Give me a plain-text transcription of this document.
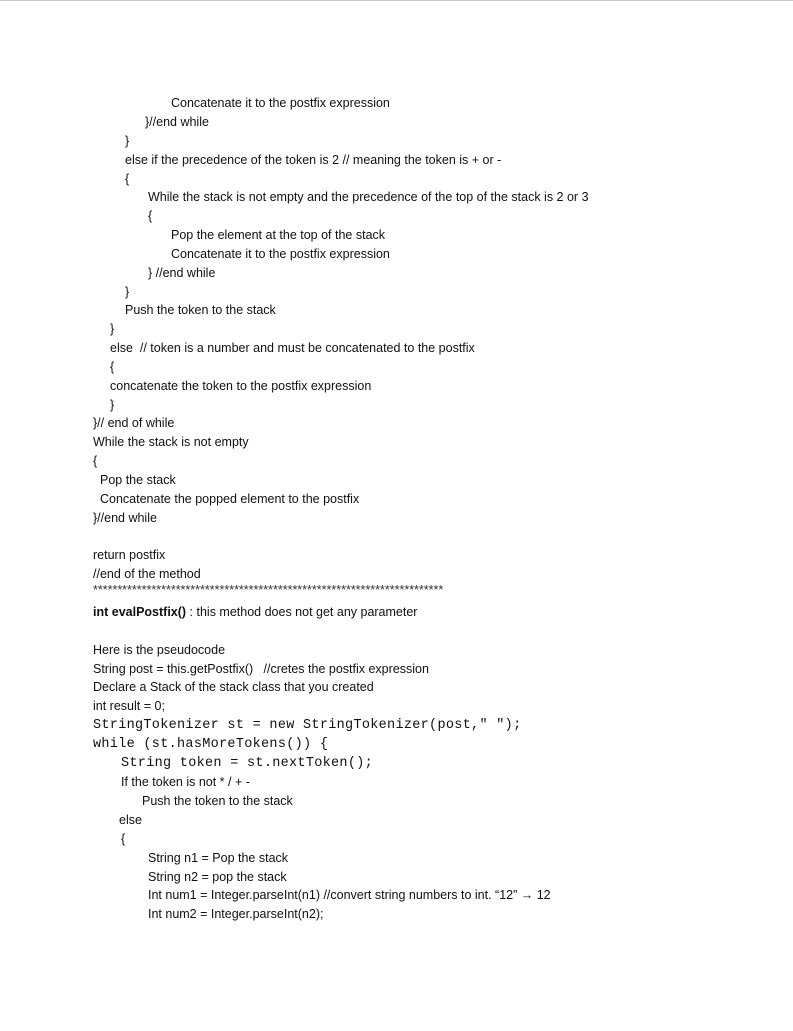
Concatenate it to the postfix expression
}//end while
}
else if the precedence of the token is 2 // meaning the token is + or -
{
While the stack is not empty and the precedence of the top of the stack is 2 or 3
{
Pop the element at the top of the stack
Concatenate it to the postfix expression
} //end while
}
Push the token to the stack
}
else  // token is a number and must be concatenated to the postfix
{
concatenate the token to the postfix expression
}
}// end of while
While the stack is not empty
{
Pop the stack
Concatenate the popped element to the postfix
}//end while
return postfix
//end of the method
************************************************************************
int evalPostfix() : this method does not get any parameter
Here is the pseudocode
String post = this.getPostfix()   //cretes the postfix expression
Declare a Stack of the stack class that you created
int result = 0;
StringTokenizer st = new StringTokenizer(post," ");
while (st.hasMoreTokens()) {
String token = st.nextToken();
If the token is not * / + -
Push the token to the stack
else
{
String n1 = Pop the stack
String n2 = pop the stack
Int num1 = Integer.parseInt(n1) //convert string numbers to int. “12” → 12
Int num2 = Integer.parseInt(n2);
